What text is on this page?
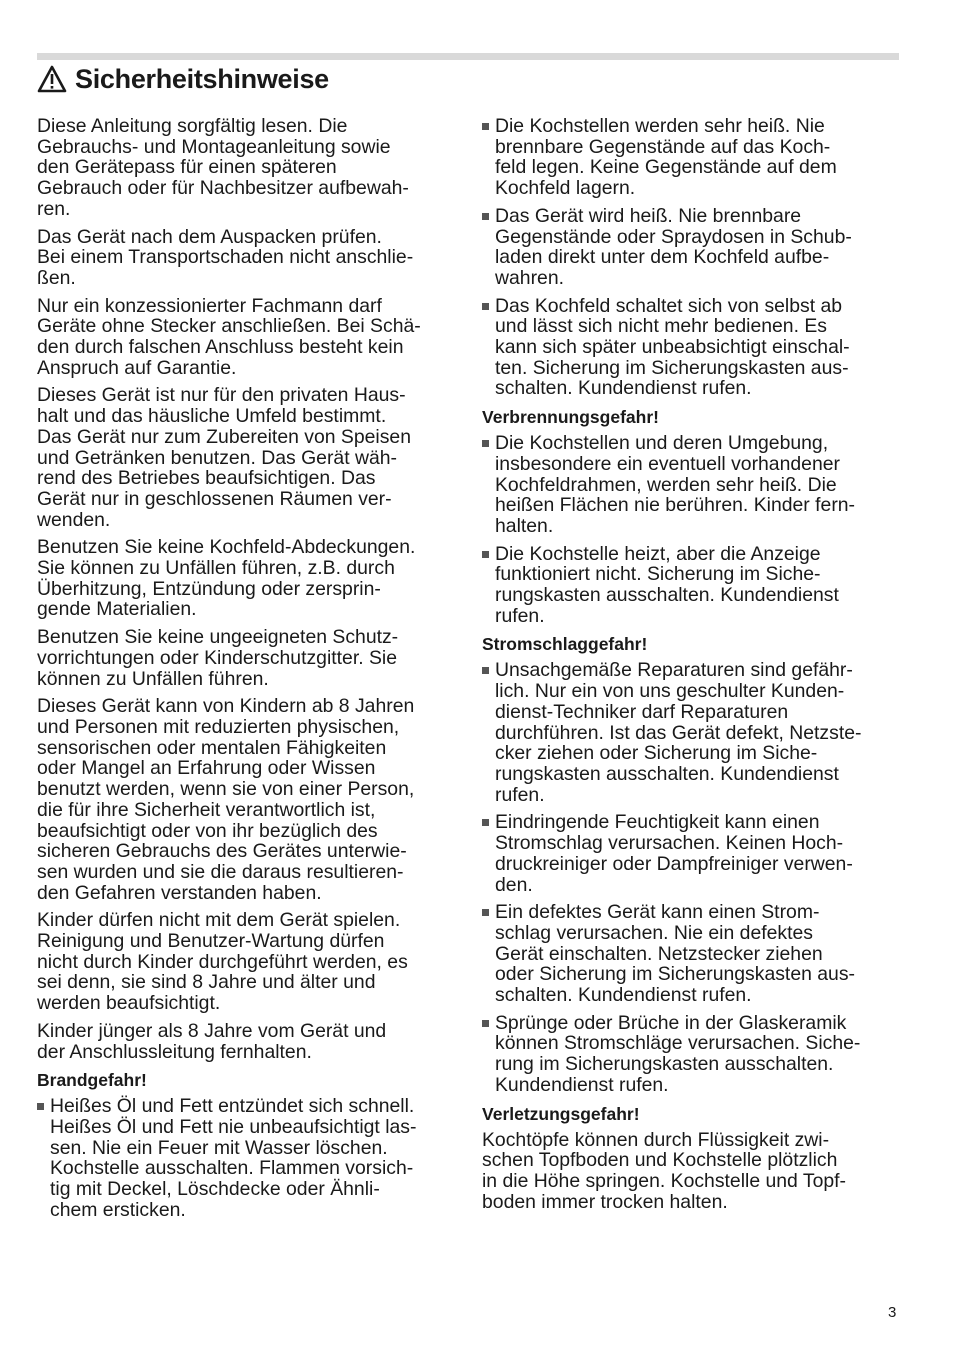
Sicherheitshinweise

Diese Anleitung sorgfältig lesen. Die
Gebrauchs- und Montageanleitung sowie
den Gerätepass für einen späteren
Gebrauch oder für Nachbesitzer aufbewah-
ren.

Das Gerät nach dem Auspacken prüfen.
Bei einem Transportschaden nicht anschlie-
ßen.

Nur ein konzessionierter Fachmann darf
Geräte ohne Stecker anschließen. Bei Schä-
den durch falschen Anschluss besteht kein
Anspruch auf Garantie.

Dieses Gerät ist nur für den privaten Haus-
halt und das häusliche Umfeld bestimmt.
Das Gerät nur zum Zubereiten von Speisen
und Getränken benutzen. Das Gerät wäh-
rend des Betriebes beaufsichtigen. Das
Gerät nur in geschlossenen Räumen ver-
wenden.

Benutzen Sie keine Kochfeld-Abdeckungen.
Sie können zu Unfällen führen, z.B. durch
Überhitzung, Entzündung oder zersprin-
gende Materialien.

Benutzen Sie keine ungeeigneten Schutz-
vorrichtungen oder Kinderschutzgitter. Sie
können zu Unfällen führen.

Dieses Gerät kann von Kindern ab 8 Jahren
und Personen mit reduzierten physischen,
sensorischen oder mentalen Fähigkeiten
oder Mangel an Erfahrung oder Wissen
benutzt werden, wenn sie von einer Person,
die für ihre Sicherheit verantwortlich ist,
beaufsichtigt oder von ihr bezüglich des
sicheren Gebrauchs des Gerätes unterwie-
sen wurden und sie die daraus resultieren-
den Gefahren verstanden haben.

Kinder dürfen nicht mit dem Gerät spielen.
Reinigung und Benutzer-Wartung dürfen
nicht durch Kinder durchgeführt werden, es
sei denn, sie sind 8 Jahre und älter und
werden beaufsichtigt.

Kinder jünger als 8 Jahre vom Gerät und
der Anschlussleitung fernhalten.

Brandgefahr!
Heißes Öl und Fett entzündet sich schnell.
Heißes Öl und Fett nie unbeaufsichtigt las-
sen. Nie ein Feuer mit Wasser löschen.
Kochstelle ausschalten. Flammen vorsich-
tig mit Deckel, Löschdecke oder Ähnli-
chem ersticken.
Die Kochstellen werden sehr heiß. Nie
brennbare Gegenstände auf das Koch-
feld legen. Keine Gegenstände auf dem
Kochfeld lagern.
Das Gerät wird heiß. Nie brennbare
Gegenstände oder Spraydosen in Schub-
laden direkt unter dem Kochfeld aufbe-
wahren.
Das Kochfeld schaltet sich von selbst ab
und lässt sich nicht mehr bedienen. Es
kann sich später unbeabsichtigt einschal-
ten. Sicherung im Sicherungskasten aus-
schalten. Kundendienst rufen.
Verbrennungsgefahr!
Die Kochstellen und deren Umgebung,
insbesondere ein eventuell vorhandener
Kochfeldrahmen, werden sehr heiß. Die
heißen Flächen nie berühren. Kinder fern-
halten.
Die Kochstelle heizt, aber die Anzeige
funktioniert nicht. Sicherung im Siche-
rungskasten ausschalten. Kundendienst
rufen.
Stromschlaggefahr!
Unsachgemäße Reparaturen sind gefähr-
lich. Nur ein von uns geschulter Kunden-
dienst-Techniker darf Reparaturen
durchführen. Ist das Gerät defekt, Netzste-
cker ziehen oder Sicherung im Siche-
rungskasten ausschalten. Kundendienst
rufen.
Eindringende Feuchtigkeit kann einen
Stromschlag verursachen. Keinen Hoch-
druckreiniger oder Dampfreiniger verwen-
den.
Ein defektes Gerät kann einen Strom-
schlag verursachen. Nie ein defektes
Gerät einschalten. Netzstecker ziehen
oder Sicherung im Sicherungskasten aus-
schalten. Kundendienst rufen.
Sprünge oder Brüche in der Glaskeramik
können Stromschläge verursachen. Siche-
rung im Sicherungskasten ausschalten.
Kundendienst rufen.
Verletzungsgefahr!

Kochtöpfe können durch Flüssigkeit zwi-
schen Topfboden und Kochstelle plötzlich
in die Höhe springen. Kochstelle und Topf-
boden immer trocken halten.

3
